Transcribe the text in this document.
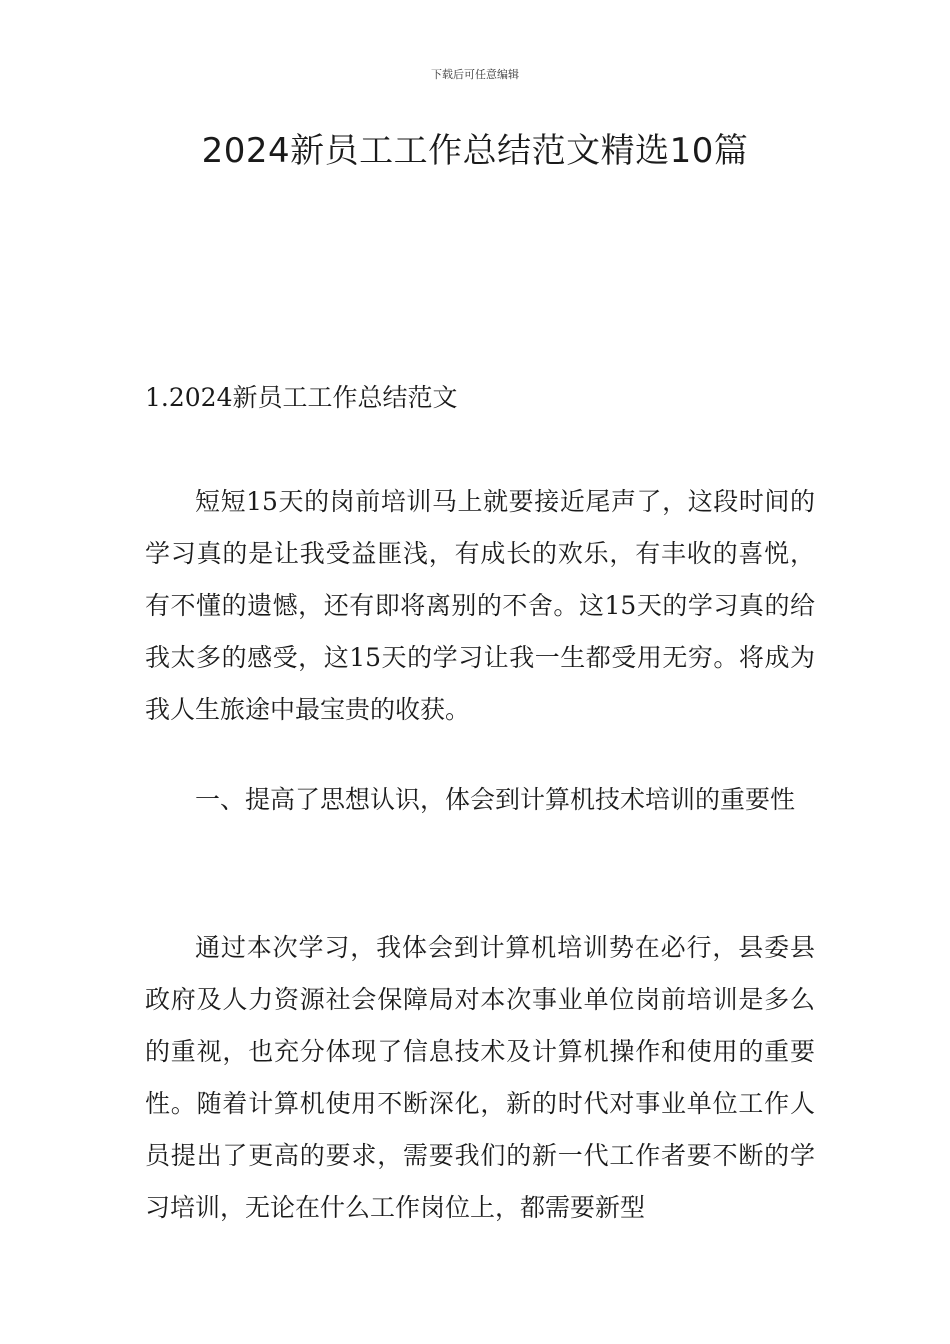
下载后可任意编辑
2024新员工工作总结范文精选10篇
1.2024新员工工作总结范文

短短15天的岗前培训马上就要接近尾声了，这段时间的学习真的是让我受益匪浅，有成长的欢乐，有丰收的喜悦，有不懂的遗憾，还有即将离别的不舍。这15天的学习真的给我太多的感受，这15天的学习让我一生都受用无穷。将成为我人生旅途中最宝贵的收获。

一、提高了思想认识，体会到计算机技术培训的重要性

通过本次学习，我体会到计算机培训势在必行，县委县政府及人力资源社会保障局对本次事业单位岗前培训是多么的重视，也充分体现了信息技术及计算机操作和使用的重要性。随着计算机使用不断深化，新的时代对事业单位工作人员提出了更高的要求，需要我们的新一代工作者要不断的学习培训，无论在什么工作岗位上，都需要新型
